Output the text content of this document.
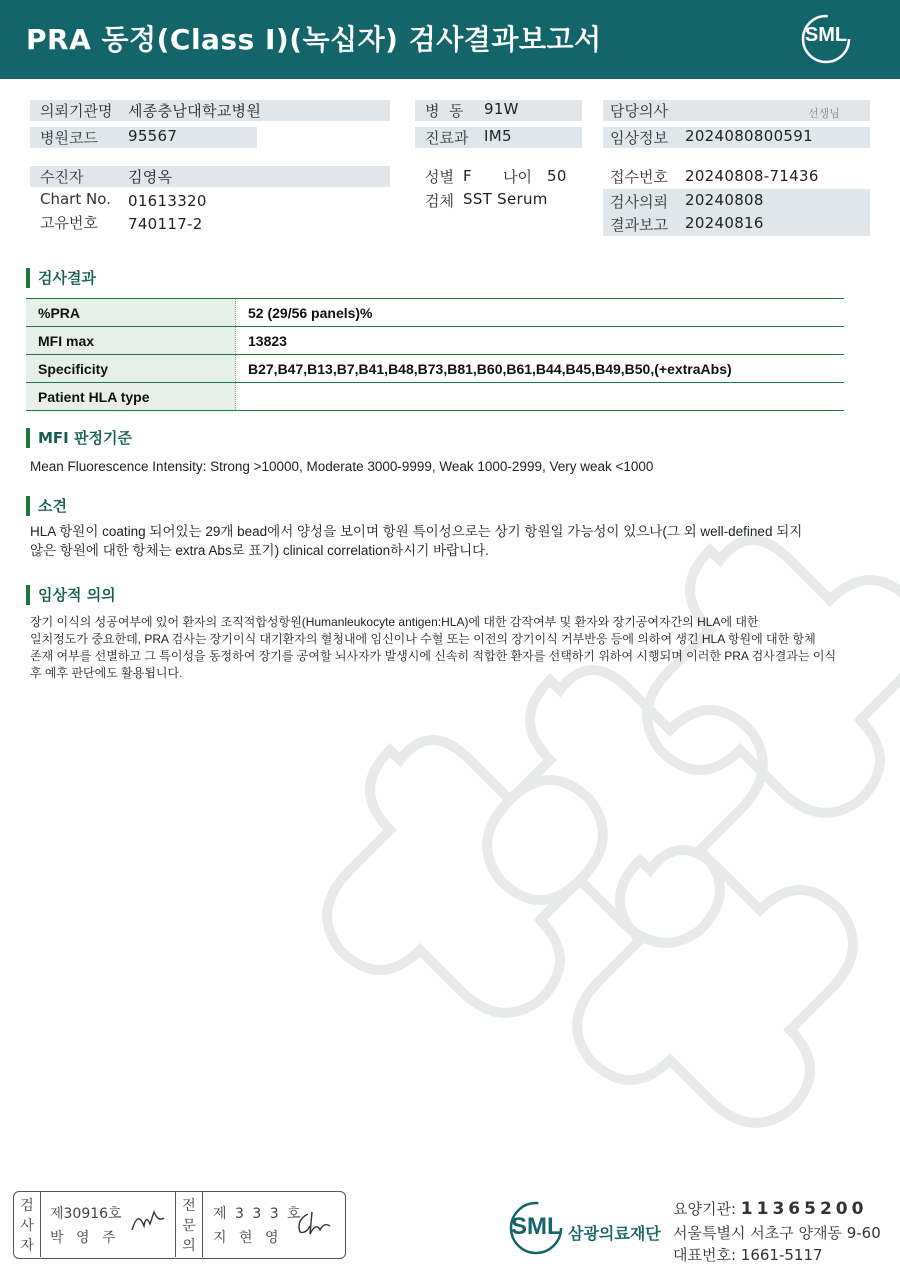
PRA 동정(Class I)(녹십자) 검사결과보고서	SML
의뢰기관명 세종충남대학교병원
병원코드 95567
수진자	김영옥
Chart No. 01613320
고유번호 740117-2
병  동 91W
진료과 IM5
성별 F 나이 50
검체 SST Serum
담당의사	선생님
임상정보 2024080800591
접수번호 20240808-71436
검사의뢰 20240808
결과보고 20240816
검사결과
%PRA	52 (29/56 panels)%
MFI max	13823
Specificity	B27,B47,B13,B7,B41,B48,B73,B81,B60,B61,B44,B45,B49,B50,(+extraAbs)
Patient HLA type	
MFI 판정기준
Mean Fluorescence Intensity: Strong >10000, Moderate 3000-9999, Weak 1000-2999, Very weak <1000
소견
HLA 항원이 coating 되어있는 29개 bead에서 양성을 보이며 항원 특이성으로는 상기 항원일 가능성이 있으나(그 외 well-defined 되지
않은 항원에 대한 항체는 extra Abs로 표기) clinical correlation하시기 바랍니다.
임상적 의의
장기 이식의 성공여부에 있어 환자의 조직적합성항원(Humanleukocyte antigen:HLA)에 대한 감작여부 및 환자와 장기공여자간의 HLA에 대한
일치정도가 중요한데, PRA 검사는 장기이식 대기환자의 혈청내에 임신이나 수혈 또는 이전의 장기이식 거부반응 등에 의하여 생긴 HLA 항원에 대한 항체
존재 여부를 선별하고 그 특이성을 동정하여 장기를 공여할 뇌사자가 발생시에 신속히 적합한 환자를 선택하기 위하여 시행되며 이러한 PRA 검사결과는 이식
후 예후 판단에도 활용됩니다.
검
사
자
제30916호
박 영 주
전
문
의
제 3 3 3 호
지 현 영	SML 삼광의료재단
요양기관: 11365200
서울특별시 서초구 양재동 9-60
대표번호: 1661-5117
